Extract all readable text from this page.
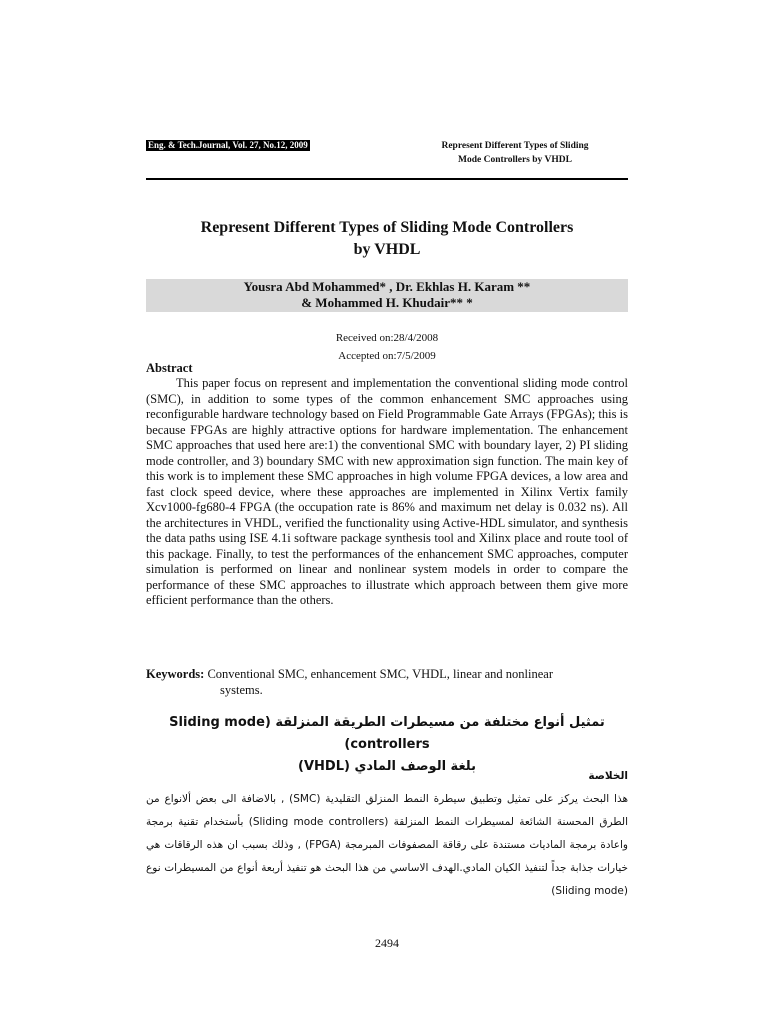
Eng. & Tech.Journal, Vol. 27, No.12, 2009	Represent Different Types of Sliding
Mode Controllers by VHDL
Represent Different Types of Sliding Mode Controllers
by VHDL
Yousra Abd Mohammed* , Dr. Ekhlas H. Karam **
& Mohammed H. Khudair** *
Received on:28/4/2008
Accepted on:7/5/2009
Abstract

This paper focus on represent and implementation the conventional sliding mode control (SMC), in addition to some types of the common enhancement SMC approaches using reconfigurable hardware technology based on Field Programmable Gate Arrays (FPGAs); this is because FPGAs are highly attractive options for hardware implementation. The enhancement SMC approaches that used here are:1) the conventional SMC with boundary layer, 2) PI sliding mode controller, and 3) boundary SMC with new approximation sign function. The main key of this work is to implement these SMC approaches in high volume FPGA devices, a low area and fast clock speed device, where these approaches are implemented in Xilinx Vertix family Xcv1000-fg680-4 FPGA (the occupation rate is 86% and maximum net delay is 0.032 ns). All the architectures in VHDL, verified the functionality using Active-HDL simulator, and synthesis the data paths using ISE 4.1i software package synthesis tool and Xilinx place and route tool of this package. Finally, to test the performances of the enhancement SMC approaches, computer simulation is performed on linear and nonlinear system models in order to compare the performance of these SMC approaches to illustrate which approach between them give more efficient performance than the others.

Keywords: Conventional SMC, enhancement SMC, VHDL, linear and nonlinear
systems.

تمثيل أنواع مختلفة من مسيطرات الطريقة المنزلقة (Sliding mode controllers)
بلغة الوصف المادي (VHDL)
الخلاصة

هذا البحث يركز على تمثيل وتطبيق سيطرة النمط المنزلق التقليدية (SMC) , بالاضافة الى بعض ألانواع من الطرق المحسنة الشائعة لمسيطرات النمط المنزلقة (Sliding mode controllers) بأستخدام تقنية برمجة واعادة برمجة الماديات مستندة على رقاقة المصفوفات المبرمجة (FPGA) , وذلك بسبب ان هذه الرقاقات هي خيارات جذابة جداً لتنفيذ الكيان المادي.الهدف الاساسي من هذا البحث هو تنفيذ أربعة أنواع من المسيطرات نوع (Sliding mode)

2494
